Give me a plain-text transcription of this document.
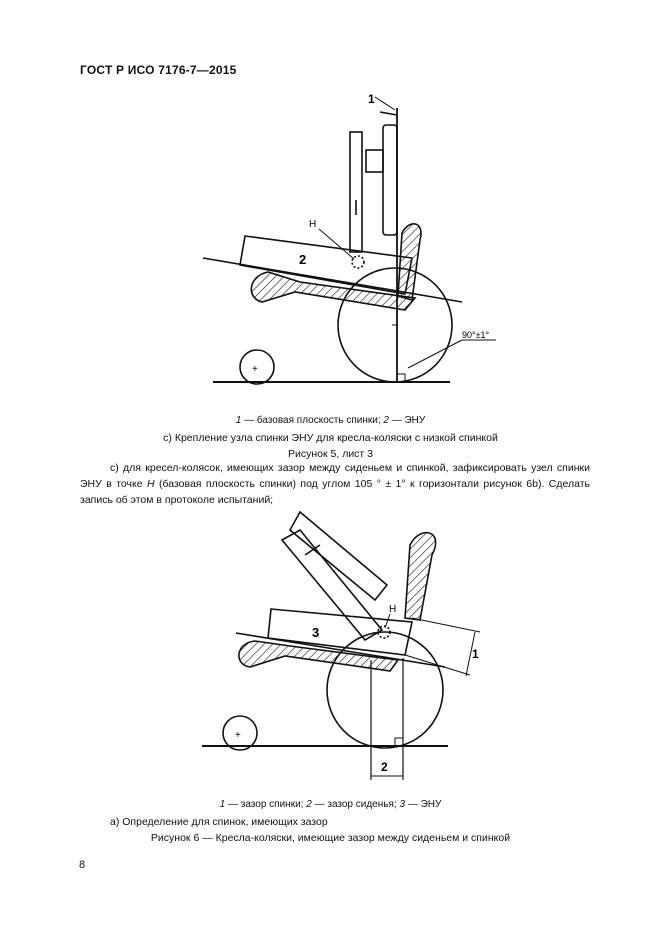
ГОСТ Р ИСО 7176-7—2015
1
2
H
90°±1°
+
H
3
1
2
+
1 — базовая плоскость спинки; 2 — ЭНУ
с) Крепление узла спинки ЭНУ для кресла-коляски с низкой спинкой
Рисунок 5, лист 3
с) для кресел-колясок, имеющих зазор между сиденьем и спинкой, зафиксировать узел спинки ЭНУ в точке H (базовая плоскость спинки) под углом 105 ° ± 1° к горизонтали рисунок 6b). Сделать запись об этом в протоколе испытаний;
1 — зазор спинки; 2 — зазор сиденья; 3 — ЭНУ
а) Определение для спинок, имеющих зазор
Рисунок 6 — Кресла-коляски, имеющие зазор между сиденьем и спинкой
8
